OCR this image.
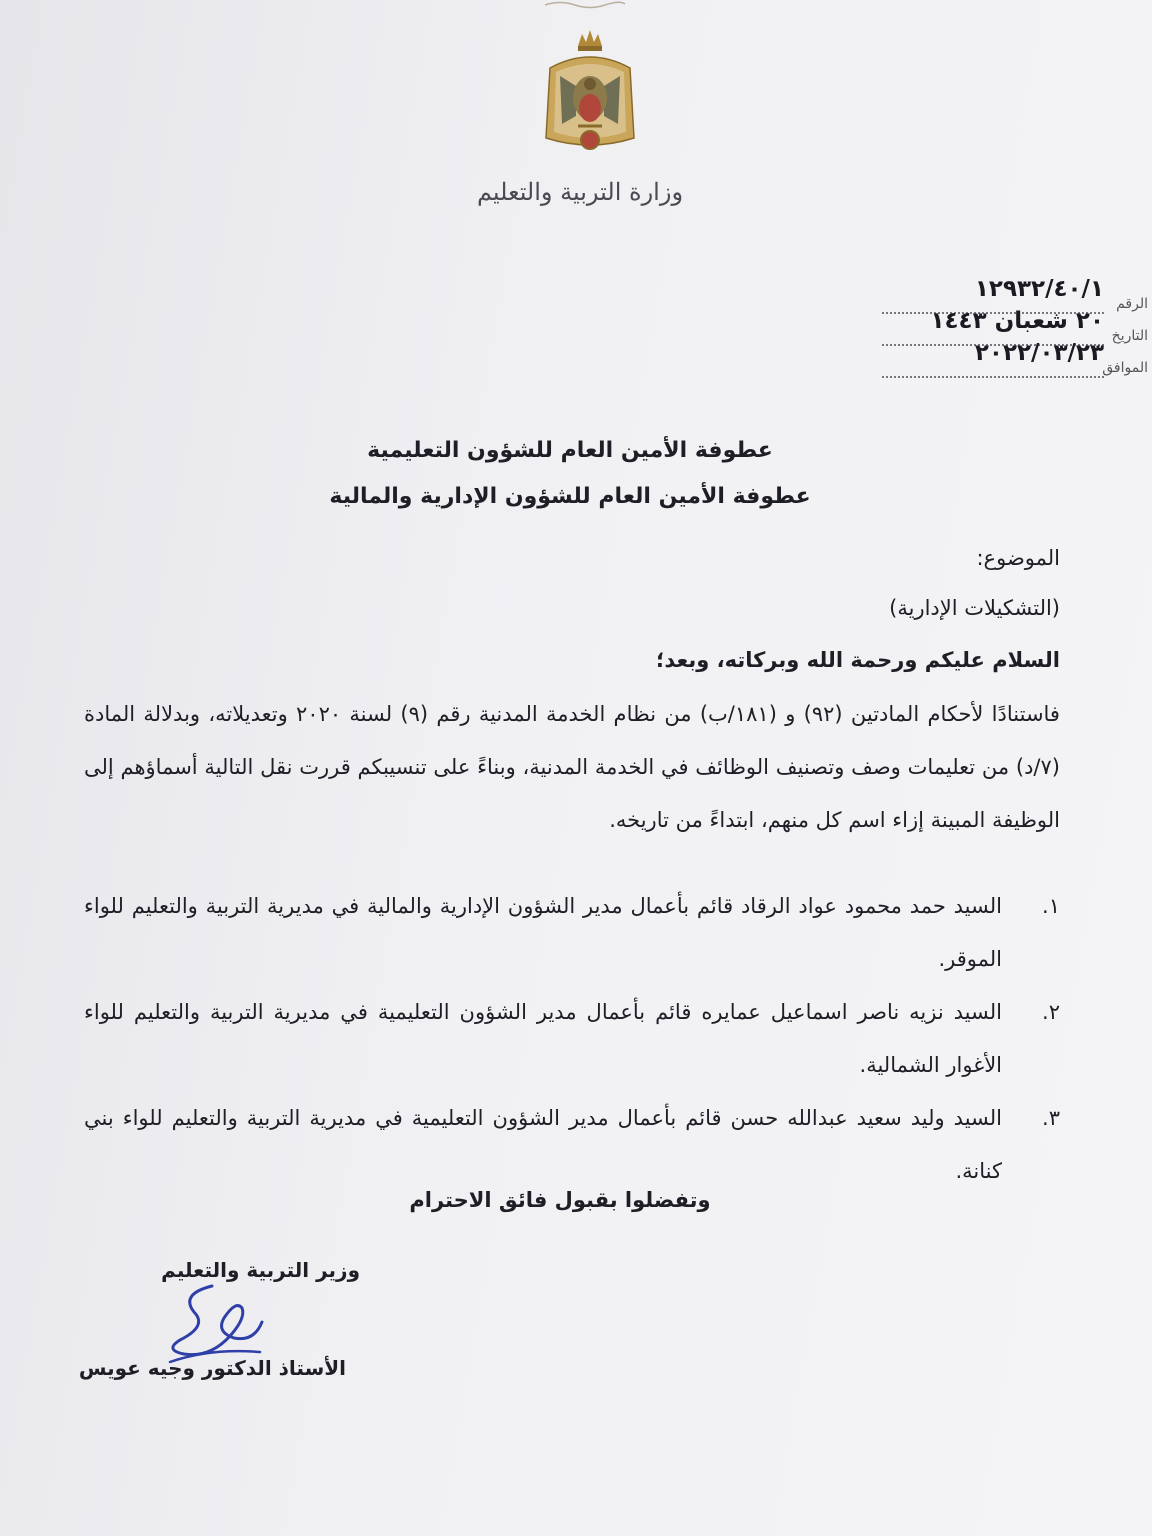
وزارة التربية والتعليم
١٢٩٣٢/٤٠/١
الرقم
٢٠ شعبان ١٤٤٣
التاريخ
٢٠٢٢/٠٣/٢٣
الموافق
عطوفة الأمين العام للشؤون التعليمية
عطوفة الأمين العام للشؤون الإدارية والمالية
الموضوع:
(التشكيلات الإدارية)
السلام عليكم ورحمة الله وبركاته، وبعد؛
فاستنادًا لأحكام المادتين (٩٢) و (١٨١/ب) من نظام الخدمة المدنية رقم (٩) لسنة ٢٠٢٠ وتعديلاته، وبدلالة المادة (٧/د) من تعليمات وصف وتصنيف الوظائف في الخدمة المدنية، وبناءً على تنسيبكم قررت نقل التالية أسماؤهم إلى الوظيفة المبينة إزاء اسم كل منهم، ابتداءً من تاريخه.
١.
السيد حمد محمود عواد الرقاد قائم بأعمال مدير الشؤون الإدارية والمالية في مديرية التربية والتعليم للواء الموقر.
٢.
السيد نزيه ناصر اسماعيل عمايره قائم بأعمال مدير الشؤون التعليمية في مديرية التربية والتعليم للواء الأغوار الشمالية.
٣.
السيد وليد سعيد عبدالله حسن قائم بأعمال مدير الشؤون التعليمية في مديرية التربية والتعليم للواء بني كنانة.
وتفضلوا بقبول فائق الاحترام
وزير التربية والتعليم
الأستاذ الدكتور وجيه عويس
